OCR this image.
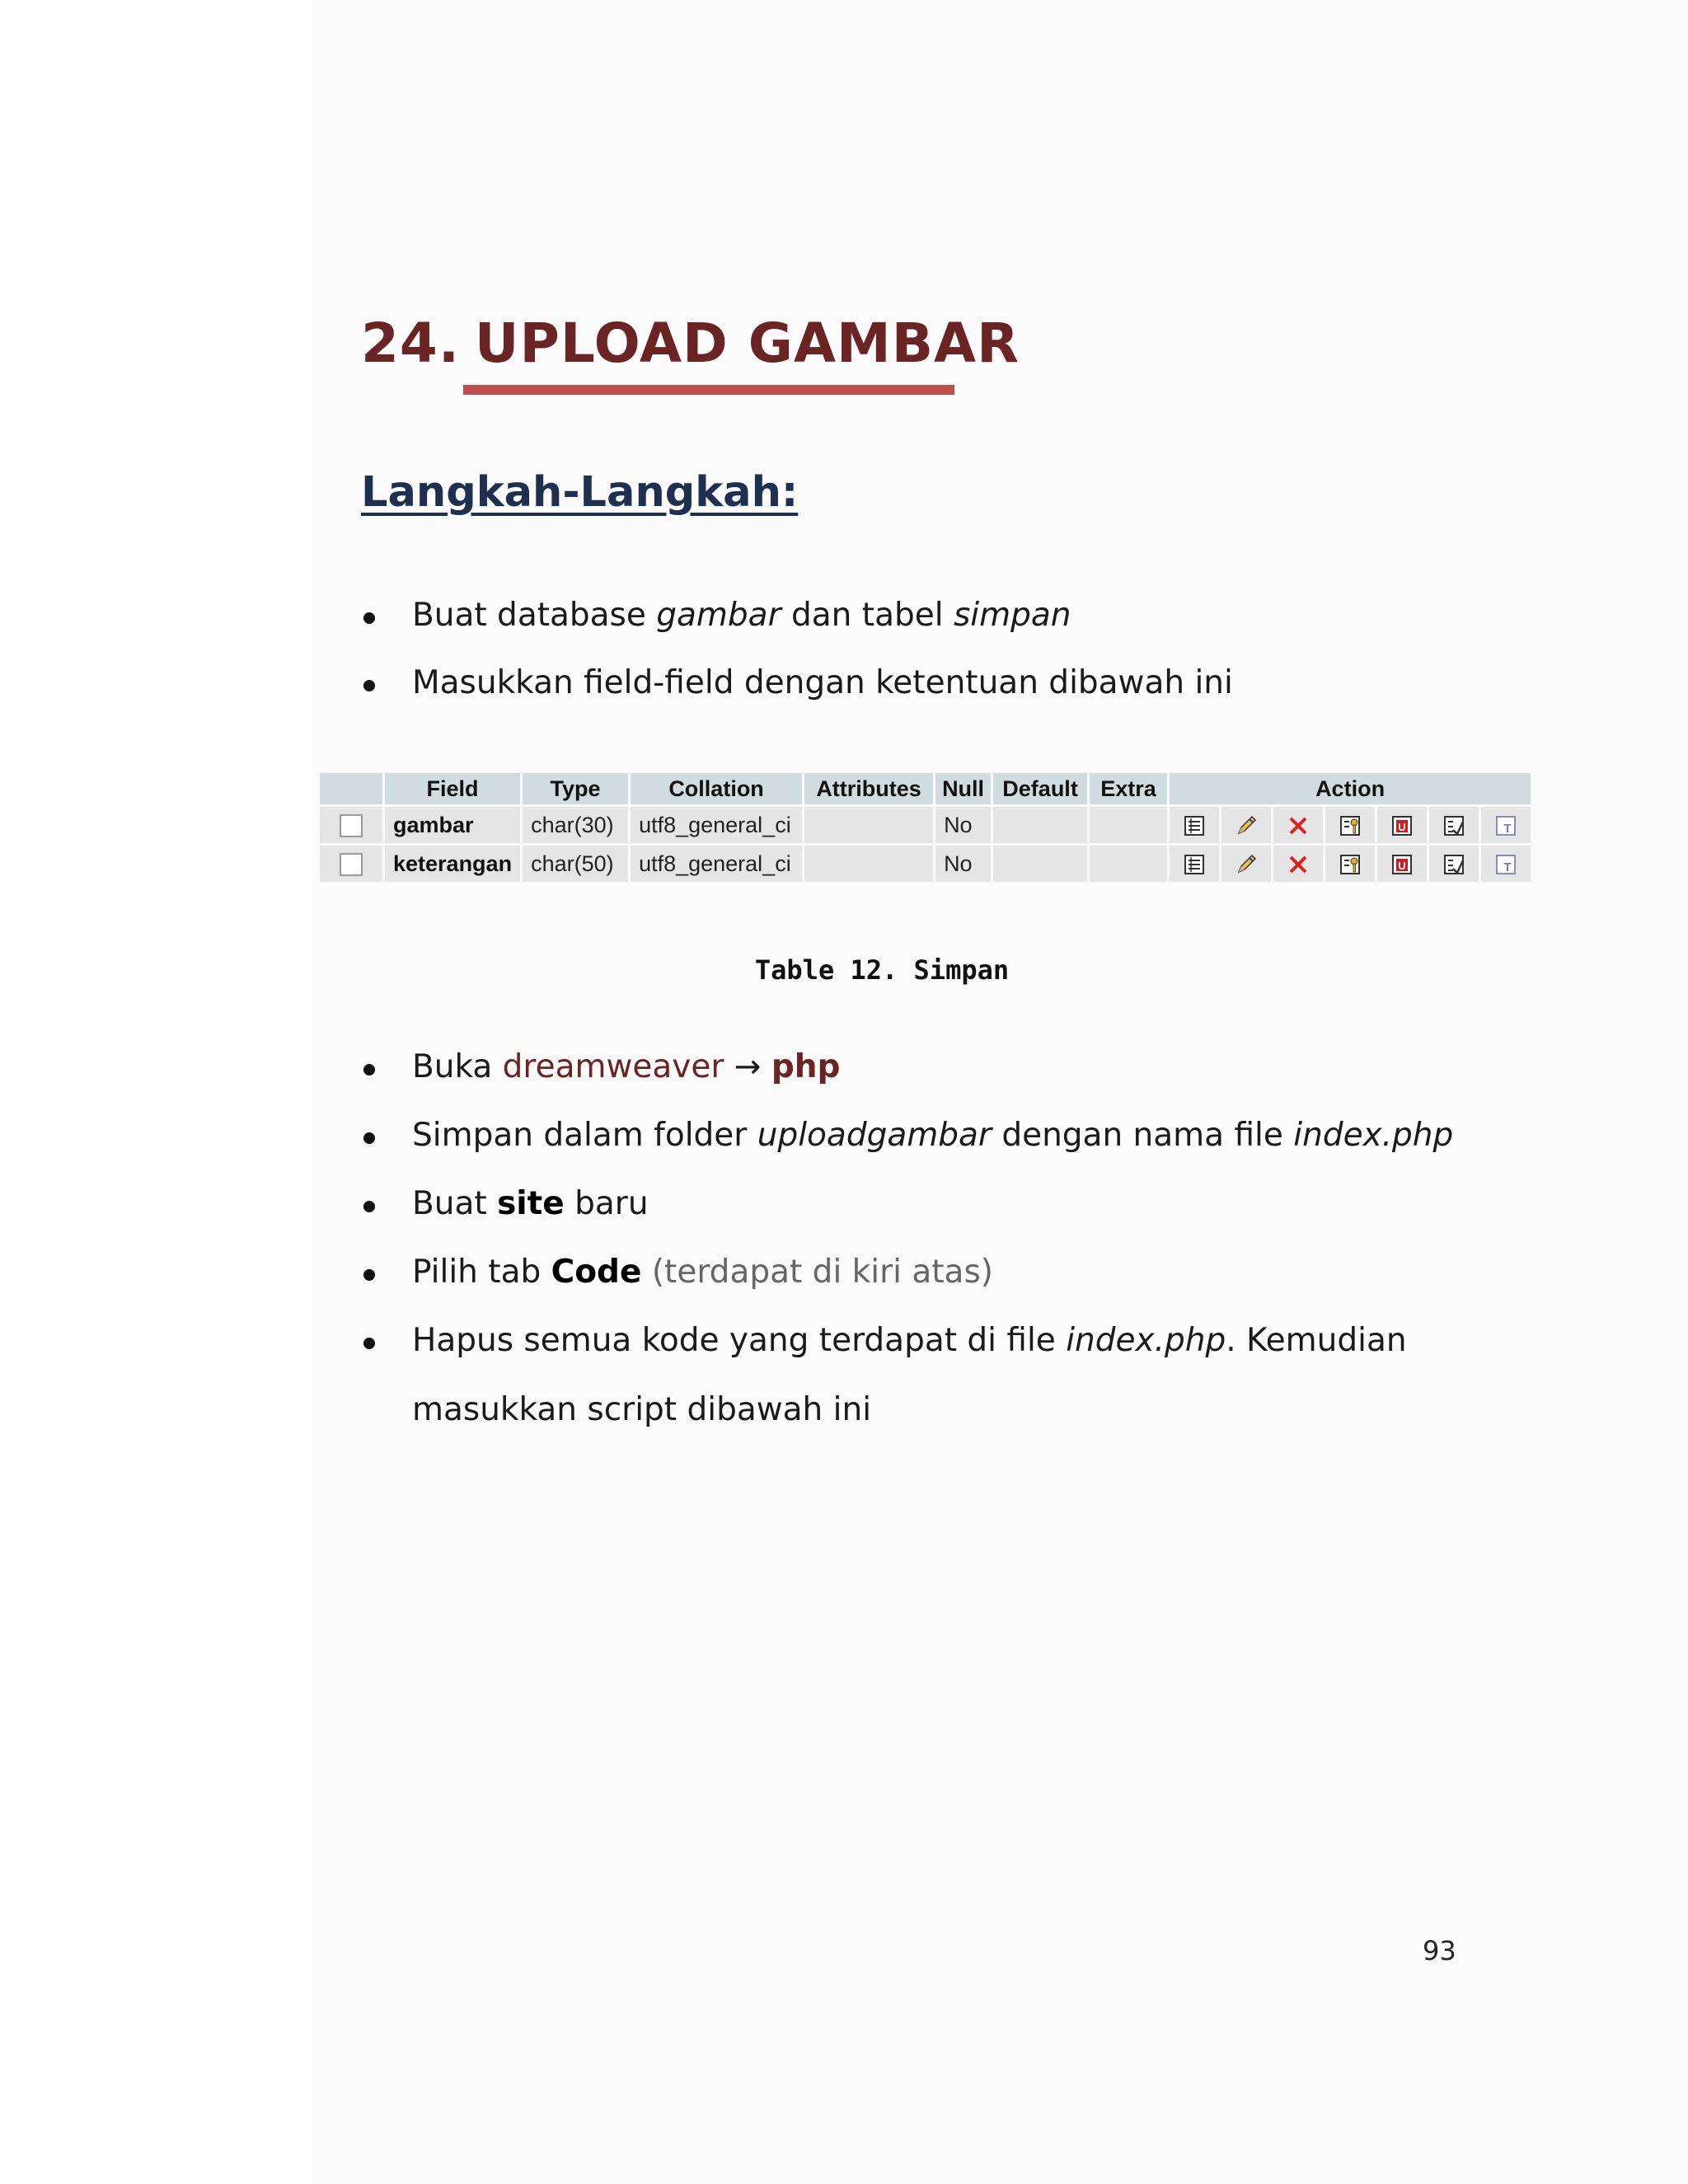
24. UPLOAD GAMBAR
Langkah-Langkah:
Buat database gambar dan tabel simpan
Masukkan field-field dengan ketentuan dibawah ini
	Field	Type	Collation	Attributes	Null	Default	Extra	Action						
	gambar	char(30)	utf8_general_ci		No							U		T

	keterangan	char(50)	utf8_general_ci		No							U		T
Table 12. Simpan
Buka dreamweaver → php
Simpan dalam folder uploadgambar dengan nama file index.php
Buat site baru
Pilih tab Code (terdapat di kiri atas)
Hapus semua kode yang terdapat di file index.php. Kemudian
masukkan script dibawah ini
93
